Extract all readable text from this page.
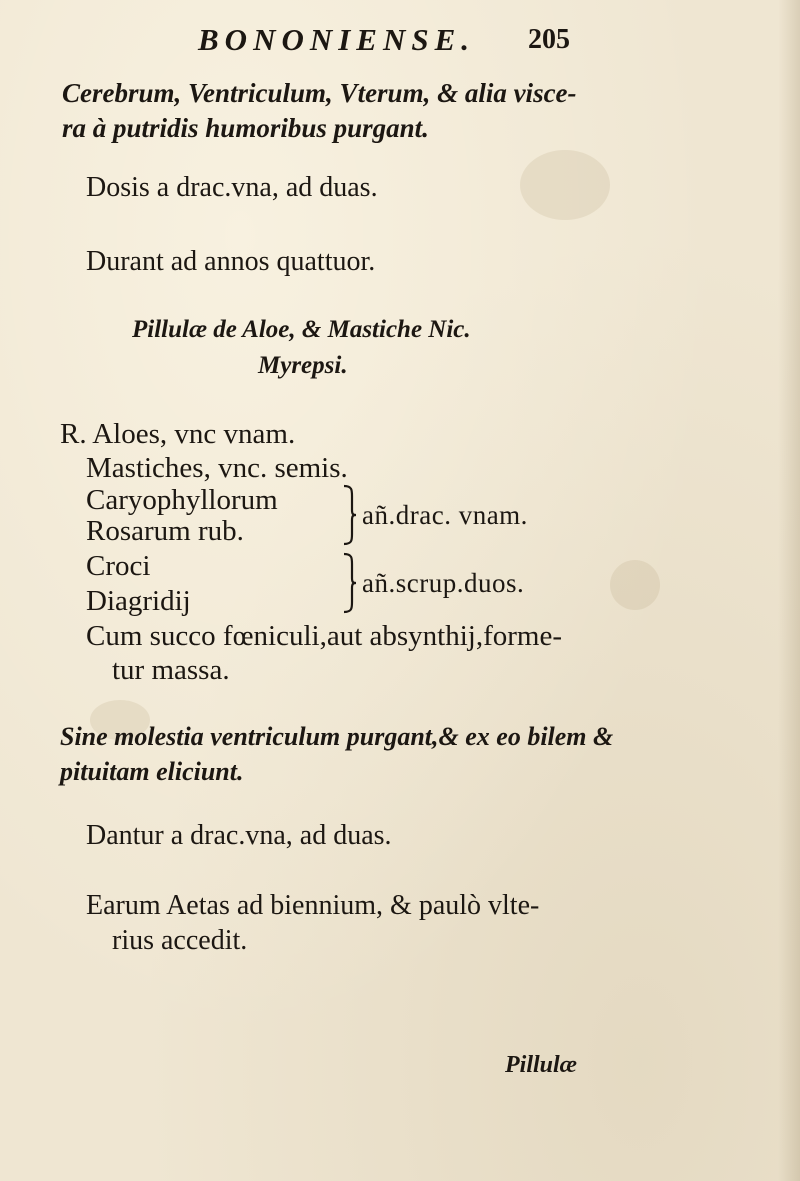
BONONIENSE. 205
Cerebrum, Ventriculum, Vterum, & alia visce-
ra à putridis humoribus purgant.
Dosis a drac.vna, ad duas.
Durant ad annos quattuor.
Pillulæ de Aloe, & Mastiche Nic.
Myrepsi.
R. Aloes, vnc vnam.
Mastiches, vnc. semis.
Caryophyllorum
Rosarum rub.	añ.drac. vnam.
Croci
Diagridij
añ.scrup.duos.
Cum succo fœniculi,aut absynthij,forme-
tur massa.
Sine molestia ventriculum purgant,& ex eo bilem &
pituitam eliciunt.
Dantur a drac.vna, ad duas.
Earum Aetas ad biennium, & paulò vlte-
rius accedit.
Pillulæ
